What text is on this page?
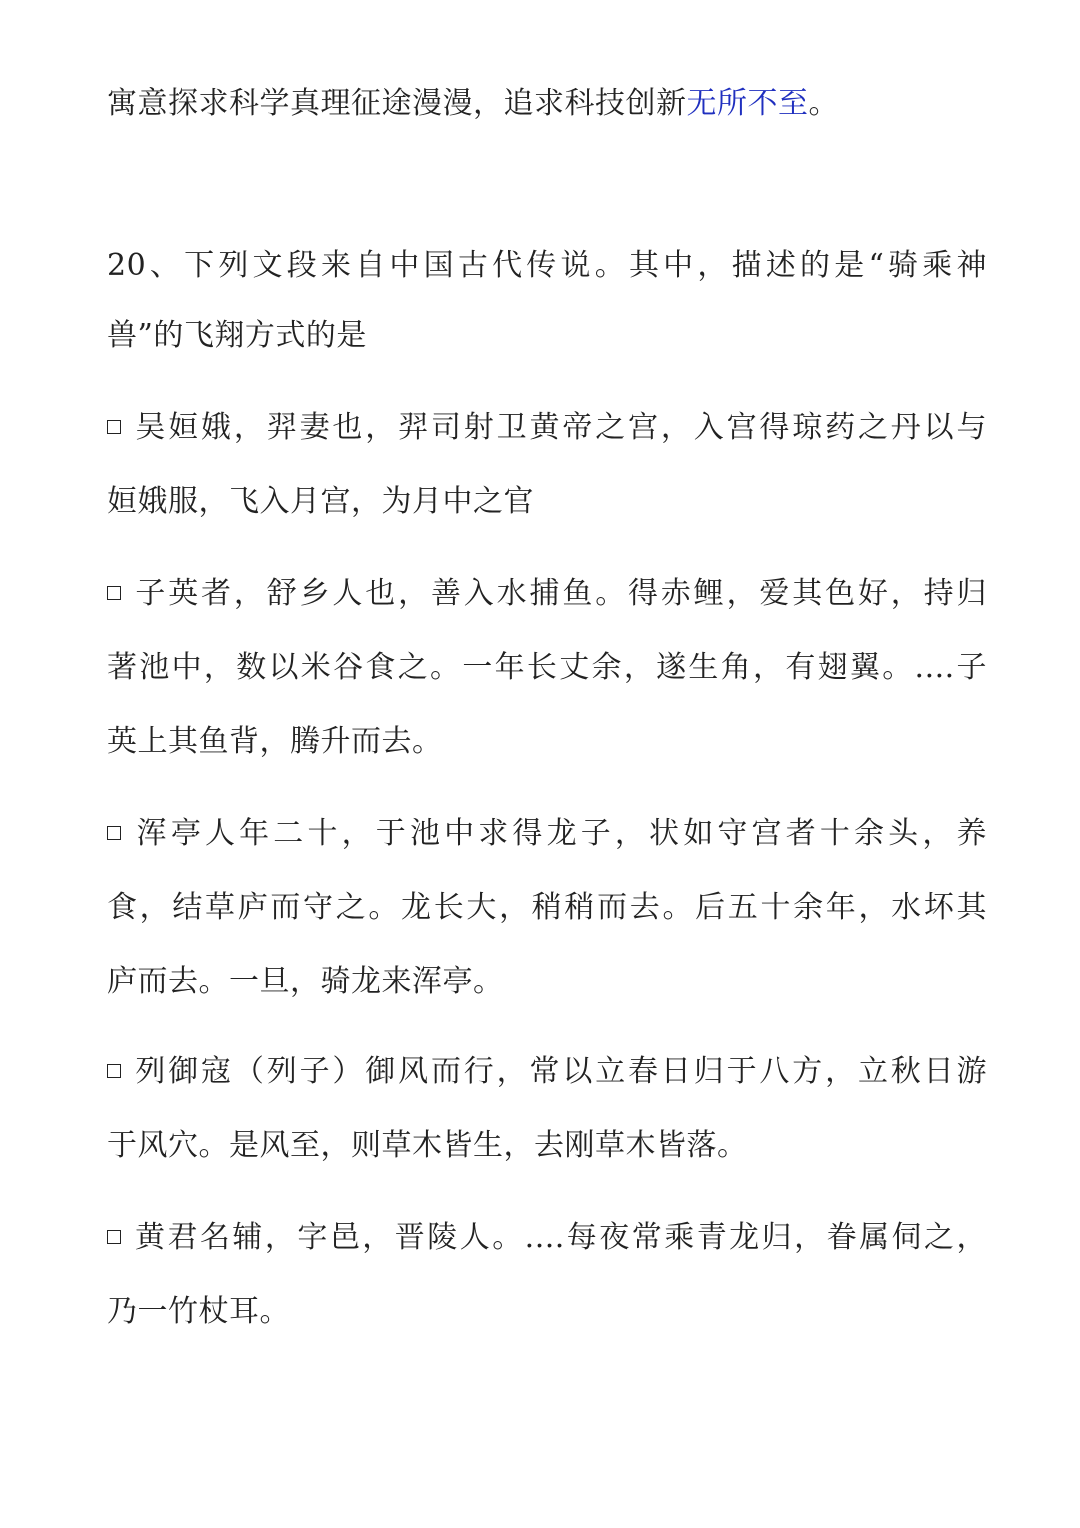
寓意探求科学真理征途漫漫，追求科技创新无所不至。
20、下列文段来自中国古代传说。其中，描述的是“骑乘神
兽”的飞翔方式的是
吴姮娥，羿妻也，羿司射卫黄帝之宫，入宫得琼药之丹以与
姮娥服，飞入月宫，为月中之官
子英者，舒乡人也，善入水捕鱼。得赤鲤，爱其色好，持归
著池中，数以米谷食之。一年长丈余，遂生角，有翅翼。....子
英上其鱼背，腾升而去。
浑亭人年二十，于池中求得龙子，状如守宫者十余头，养
食，结草庐而守之。龙长大，稍稍而去。后五十余年，水坏其
庐而去。一旦，骑龙来浑亭。
列御寇（列子）御风而行，常以立春日归于八方，立秋日游
于风穴。是风至，则草木皆生，去刚草木皆落。
黄君名辅，字邑，晋陵人。....每夜常乘青龙归，眷属伺之，
乃一竹杖耳。
